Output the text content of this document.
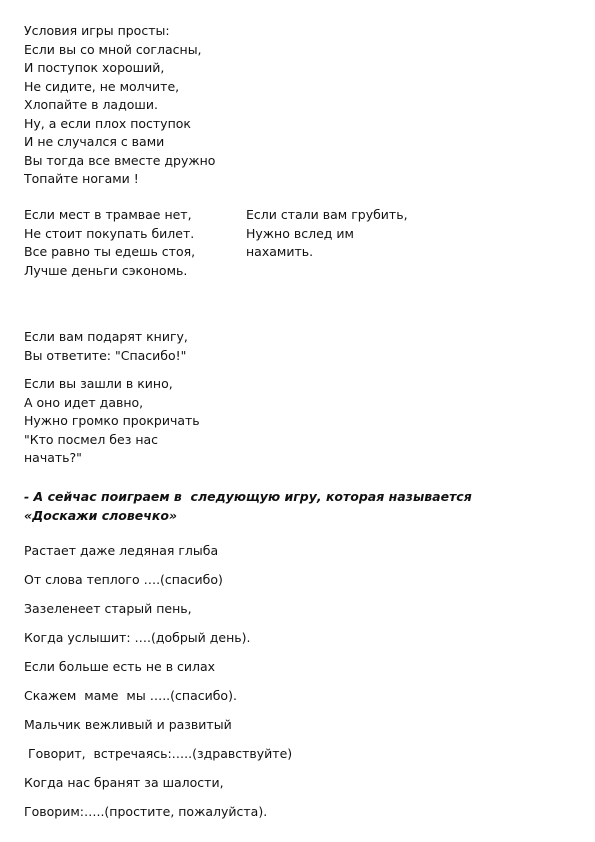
Условия игры просты:
Если вы со мной согласны,
И поступок хороший,
Не сидите, не молчите,
Хлопайте в ладоши.
Ну, а если плох поступок
И не случался с вами
Вы тогда все вместе дружно
Топайте ногами !
Если мест в трамвае нет,
Не стоит покупать билет.
Все равно ты едешь стоя,
Лучше деньги сэкономь.
Если стали вам грубить,
Нужно вслед им
нахамить.
Если вам подарят книгу,
Вы ответите: "Спасибо!"
Если вы зашли в кино,
А оно идет давно,
Нужно громко прокричать
"Кто посмел без нас
начать?"
- А сейчас поиграем в  следующую игру, которая называется
«Доскажи словечко»
Растает даже ледяная глыба
От слова теплого ….(спасибо)
Зазеленеет старый пень,
Когда услышит: ….(добрый день).
Если больше есть не в силах
Скажем  маме  мы …..(спасибо).
Мальчик вежливый и развитый
Говорит,  встречаясь:…..(здравствуйте)
Когда нас бранят за шалости,
Говорим:…..(простите, пожалуйста).
